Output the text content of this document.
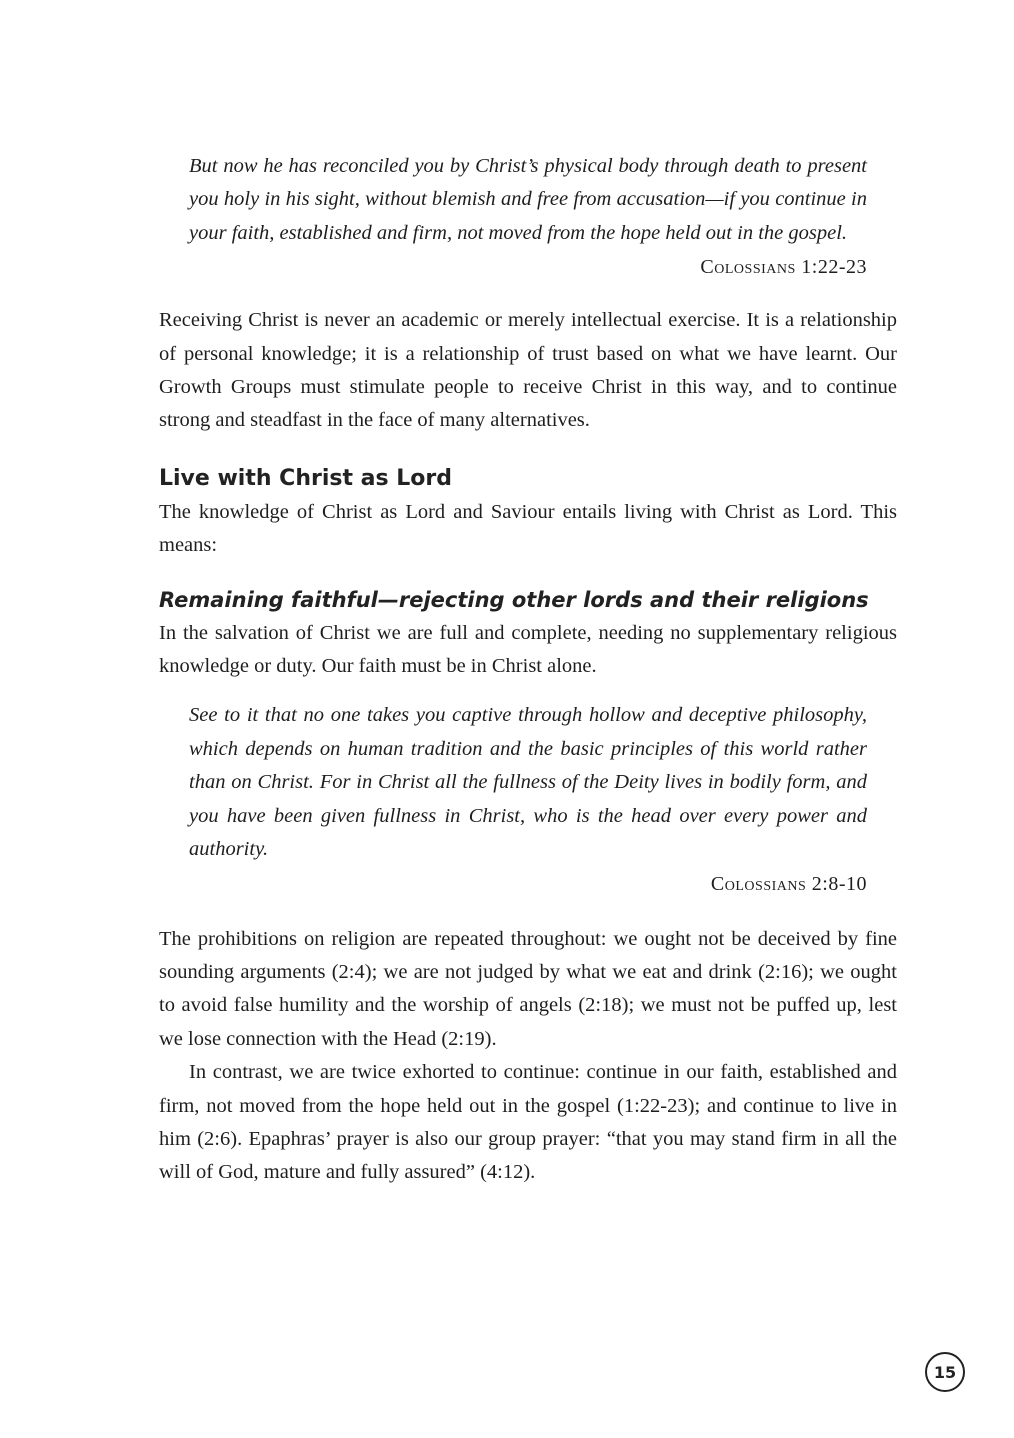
But now he has reconciled you by Christ’s physical body through death to present you holy in his sight, without blemish and free from accusation—if you continue in your faith, established and firm, not moved from the hope held out in the gospel.

Colossians 1:22-23

Receiving Christ is never an academic or merely intellectual exercise. It is a relationship of personal knowledge; it is a relationship of trust based on what we have learnt. Our Growth Groups must stimulate people to receive Christ in this way, and to continue strong and steadfast in the face of many alternatives.

Live with Christ as Lord

The knowledge of Christ as Lord and Saviour entails living with Christ as Lord. This means:

Remaining faithful—rejecting other lords and their religions

In the salvation of Christ we are full and complete, needing no supplementary religious knowledge or duty. Our faith must be in Christ alone.

See to it that no one takes you captive through hollow and deceptive philosophy, which depends on human tradition and the basic principles of this world rather than on Christ. For in Christ all the fullness of the Deity lives in bodily form, and you have been given fullness in Christ, who is the head over every power and authority.

Colossians 2:8-10

The prohibitions on religion are repeated throughout: we ought not be deceived by fine sounding arguments (2:4); we are not judged by what we eat and drink (2:16); we ought to avoid false humility and the worship of angels (2:18); we must not be puffed up, lest we lose connection with the Head (2:19).

In contrast, we are twice exhorted to continue: continue in our faith, established and firm, not moved from the hope held out in the gospel (1:22-23); and continue to live in him (2:6). Epaphras’ prayer is also our group prayer: “that you may stand firm in all the will of God, mature and fully assured” (4:12).

15
